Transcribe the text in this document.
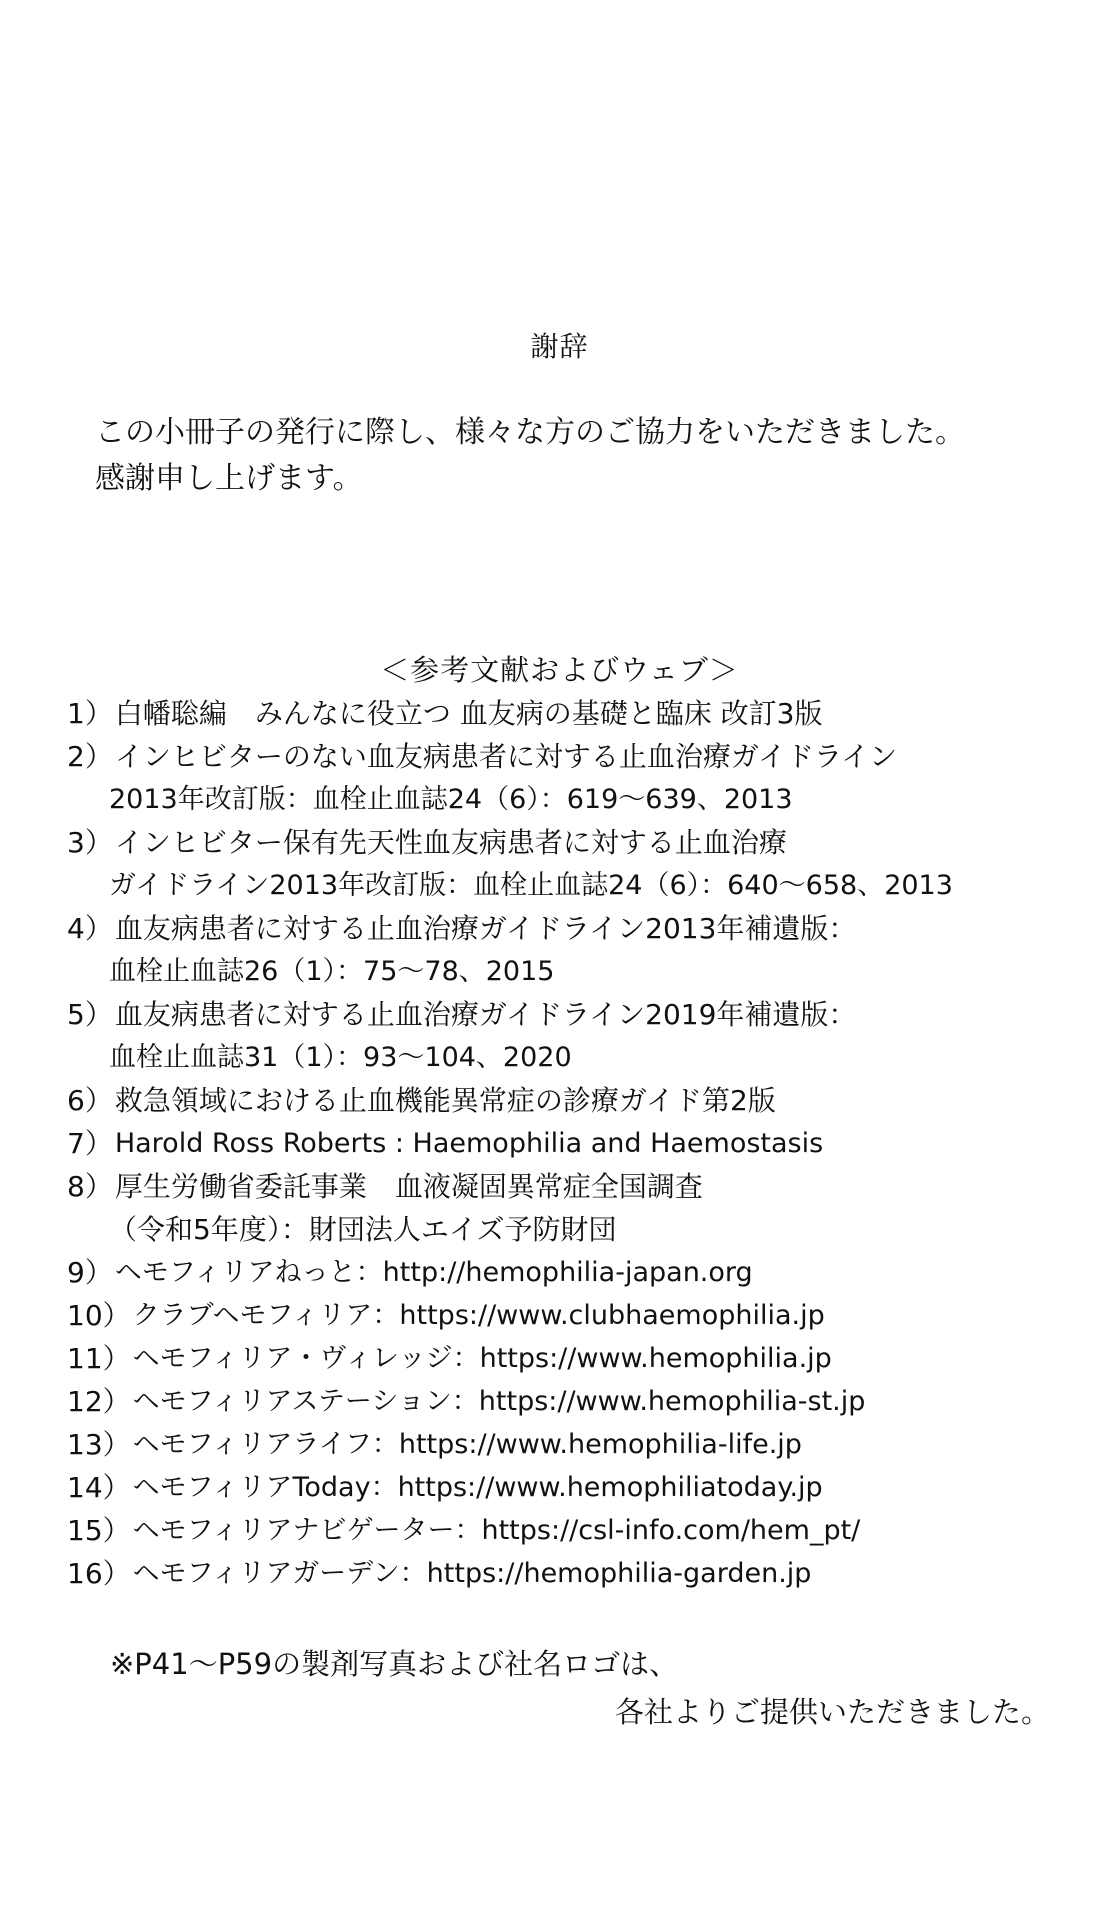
謝辞
この小冊子の発行に際し、様々な方のご協力をいただきました。
感謝申し上げます。
＜参考文献およびウェブ＞
1） 白幡聡編　みんなに役立つ 血友病の基礎と臨床 改訂3版
2） インヒビターのない血友病患者に対する止血治療ガイドライン
2013年改訂版：血栓止血誌24（6）：619〜639、2013
3） インヒビター保有先天性血友病患者に対する止血治療
ガイドライン2013年改訂版：血栓止血誌24（6）：640〜658、2013
4） 血友病患者に対する止血治療ガイドライン2013年補遺版：
血栓止血誌26（1）：75〜78、2015
5） 血友病患者に対する止血治療ガイドライン2019年補遺版：
血栓止血誌31（1）：93〜104、2020
6） 救急領域における止血機能異常症の診療ガイド第2版
7） Harold Ross Roberts : Haemophilia and Haemostasis
8） 厚生労働省委託事業　血液凝固異常症全国調査
（令和5年度）：財団法人エイズ予防財団
9） ヘモフィリアねっと：http://hemophilia-japan.org
10） クラブヘモフィリア：https://www.clubhaemophilia.jp
11） ヘモフィリア・ヴィレッジ：https://www.hemophilia.jp
12） ヘモフィリアステーション：https://www.hemophilia-st.jp
13） ヘモフィリアライフ：https://www.hemophilia-life.jp
14） ヘモフィリアToday：https://www.hemophiliatoday.jp
15） ヘモフィリアナビゲーター：https://csl-info.com/hem_pt/
16） ヘモフィリアガーデン：https://hemophilia-garden.jp
※P41〜P59の製剤写真および社名ロゴは、
各社よりご提供いただきました。
